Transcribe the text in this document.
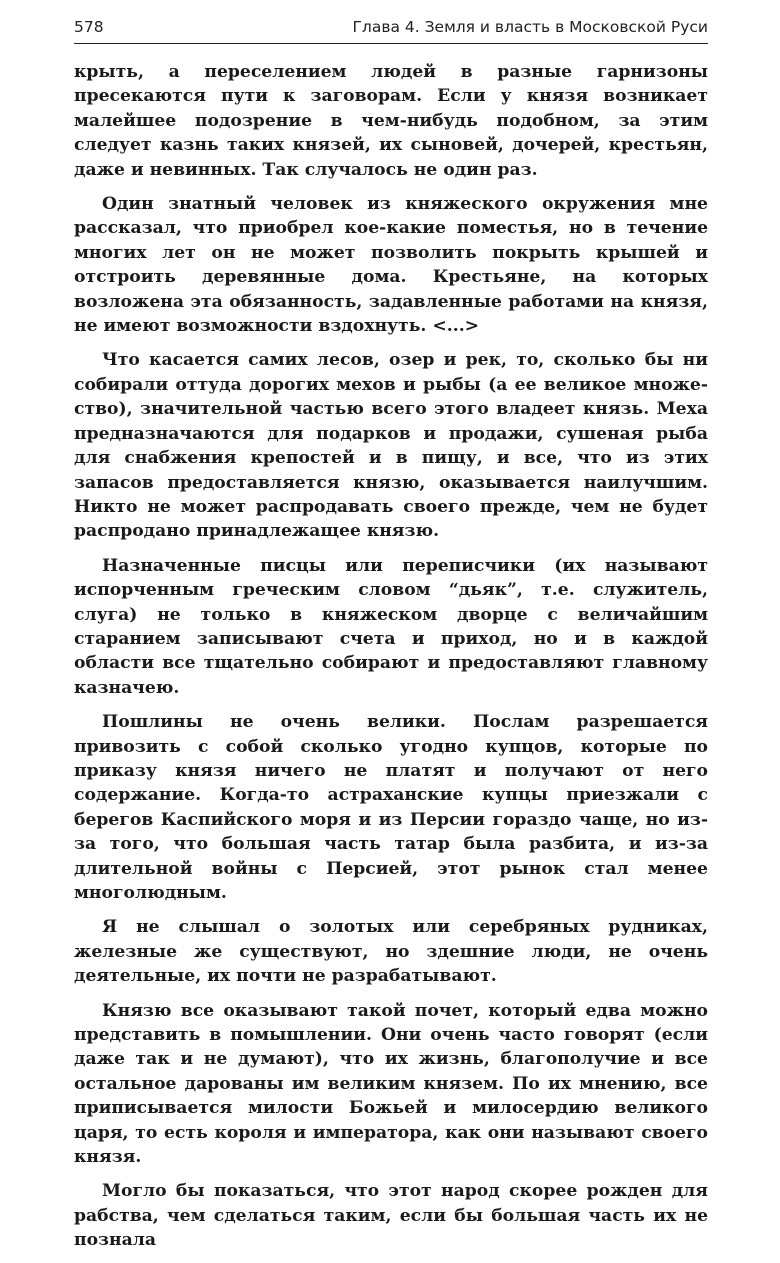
578	Глава 4. Земля и власть в Московской Руси

крыть, а переселением людей в разные гарнизоны пресекаются пути к заговорам. Если у князя возникает малейшее подозрение в чем-нибудь подобном, за этим следует казнь таких князей, их сыновей, дочерей, крестьян, даже и невинных. Так случалось не один раз.

Один знатный человек из княжеского окружения мне рассказал, что приобрел кое-какие поместья, но в течение многих лет он не может позволить покрыть крышей и отстроить деревянные дома. Крестьяне, на которых возложена эта обязанность, задавленные работами на князя, не имеют возможности вздохнуть. <...>

Что касается самих лесов, озер и рек, то, сколько бы ни собирали оттуда дорогих мехов и рыбы (а ее великое множество), значительной частью всего этого владеет князь. Меха предназначаются для подарков и продажи, сушеная рыба для снабжения крепостей и в пищу, и все, что из этих запасов предоставляется князю, оказывается наилучшим. Никто не может распродавать своего прежде, чем не будет распродано принадлежащее князю.

Назначенные писцы или переписчики (их называют испорченным греческим словом “дьяк”, т.е. служитель, слуга) не только в княжеском дворце с величайшим старанием записывают счета и приход, но и в каждой области все тщательно собирают и предоставляют главному казначею.

Пошлины не очень велики. Послам разрешается привозить с собой сколько угодно купцов, которые по приказу князя ничего не платят и получают от него содержание. Когда-то астраханские купцы приезжали с берегов Каспийского моря и из Персии гораздо чаще, но из-за того, что большая часть татар была разбита, и из-за длительной войны с Персией, этот рынок стал менее многолюдным.

Я не слышал о золотых или серебряных рудниках, железные же существуют, но здешние люди, не очень деятельные, их почти не разрабатывают.

Князю все оказывают такой почет, который едва можно представить в помышлении. Они очень часто говорят (если даже так и не думают), что их жизнь, благополучие и все остальное дарованы им великим князем. По их мнению, все приписывается милости Божьей и милосердию великого царя, то есть короля и императора, как они называют своего князя.

Могло бы показаться, что этот народ скорее рожден для рабства, чем сделаться таким, если бы большая часть их не познала
